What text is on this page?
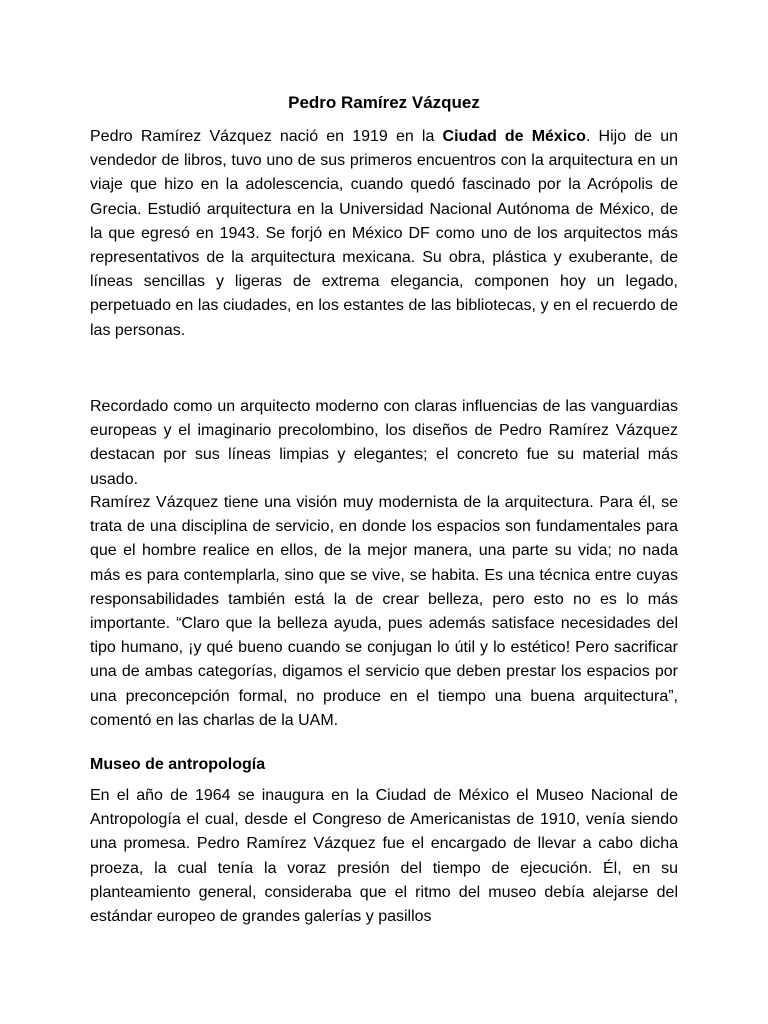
Pedro Ramírez Vázquez

Pedro Ramírez Vázquez nació en 1919 en la Ciudad de México. Hijo de un vendedor de libros, tuvo uno de sus primeros encuentros con la arquitectura en un viaje que hizo en la adolescencia, cuando quedó fascinado por la Acrópolis de Grecia. Estudió arquitectura en la Universidad Nacional Autónoma de México, de la que egresó en 1943. Se forjó en México DF como uno de los arquitectos más representativos de la arquitectura mexicana. Su obra, plástica y exuberante, de líneas sencillas y ligeras de extrema elegancia, componen hoy un legado, perpetuado en las ciudades, en los estantes de las bibliotecas, y en el recuerdo de las personas.

Recordado como un arquitecto moderno con claras influencias de las vanguardias europeas y el imaginario precolombino, los diseños de Pedro Ramírez Vázquez destacan por sus líneas limpias y elegantes; el concreto fue su material más usado.

Ramírez Vázquez tiene una visión muy modernista de la arquitectura. Para él, se trata de una disciplina de servicio, en donde los espacios son fundamentales para que el hombre realice en ellos, de la mejor manera, una parte su vida; no nada más es para contemplarla, sino que se vive, se habita. Es una técnica entre cuyas responsabilidades también está la de crear belleza, pero esto no es lo más importante. “Claro que la belleza ayuda, pues además satisface necesidades del tipo humano, ¡y qué bueno cuando se conjugan lo útil y lo estético! Pero sacrificar una de ambas categorías, digamos el servicio que deben prestar los espacios por una preconcepción formal, no produce en el tiempo una buena arquitectura”, comentó en las charlas de la UAM.

Museo de antropología

En el año de 1964 se inaugura en la Ciudad de México el Museo Nacional de Antropología el cual, desde el Congreso de Americanistas de 1910, venía siendo una promesa. Pedro Ramírez Vázquez fue el encargado de llevar a cabo dicha proeza, la cual tenía la voraz presión del tiempo de ejecución. Él, en su planteamiento general, consideraba que el ritmo del museo debía alejarse del estándar europeo de grandes galerías y pasillos
